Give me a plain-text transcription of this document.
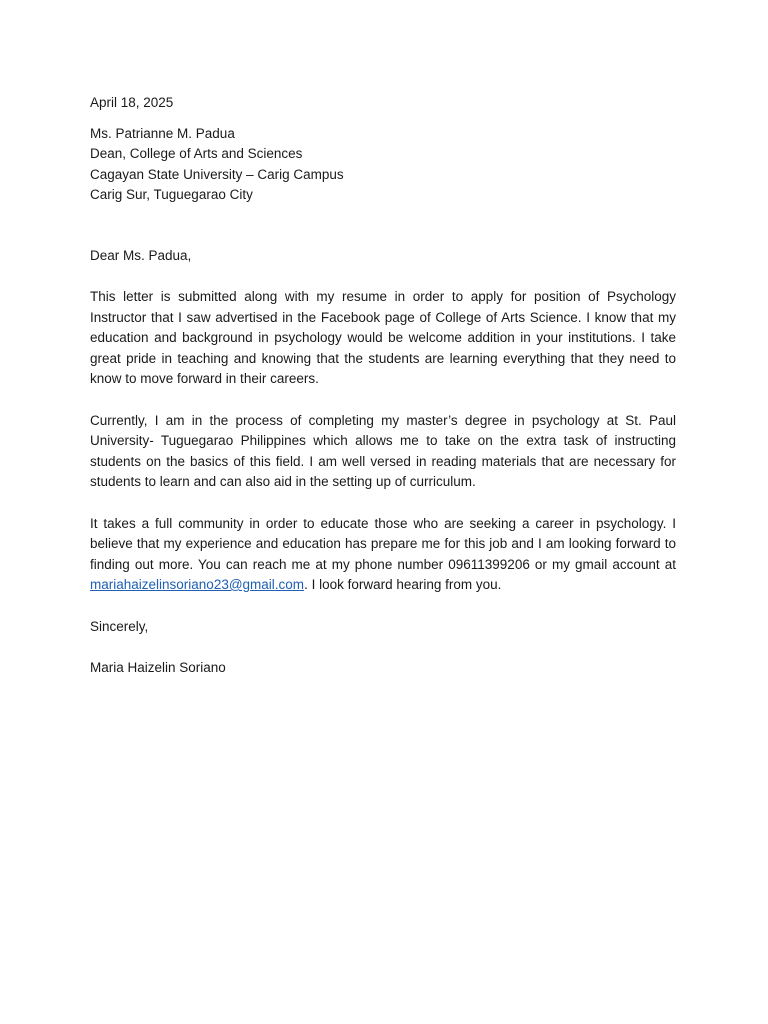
April 18, 2025

Ms. Patrianne M. Padua
Dean, College of Arts and Sciences
Cagayan State University – Carig Campus
Carig Sur, Tuguegarao City

Dear Ms. Padua,

This letter is submitted along with my resume in order to apply for position of Psychology Instructor that I saw advertised in the Facebook page of College of Arts Science. I know that my education and background in psychology would be welcome addition in your institutions. I take great pride in teaching and knowing that the students are learning everything that they need to know to move forward in their careers.

Currently, I am in the process of completing my master’s degree in psychology at St. Paul University- Tuguegarao Philippines which allows me to take on the extra task of instructing students on the basics of this field. I am well versed in reading materials that are necessary for students to learn and can also aid in the setting up of curriculum.

It takes a full community in order to educate those who are seeking a career in psychology. I believe that my experience and education has prepare me for this job and I am looking forward to finding out more. You can reach me at my phone number 09611399206 or my gmail account at mariahaizelinsoriano23@gmail.com. I look forward hearing from you.

Sincerely,

Maria Haizelin Soriano
